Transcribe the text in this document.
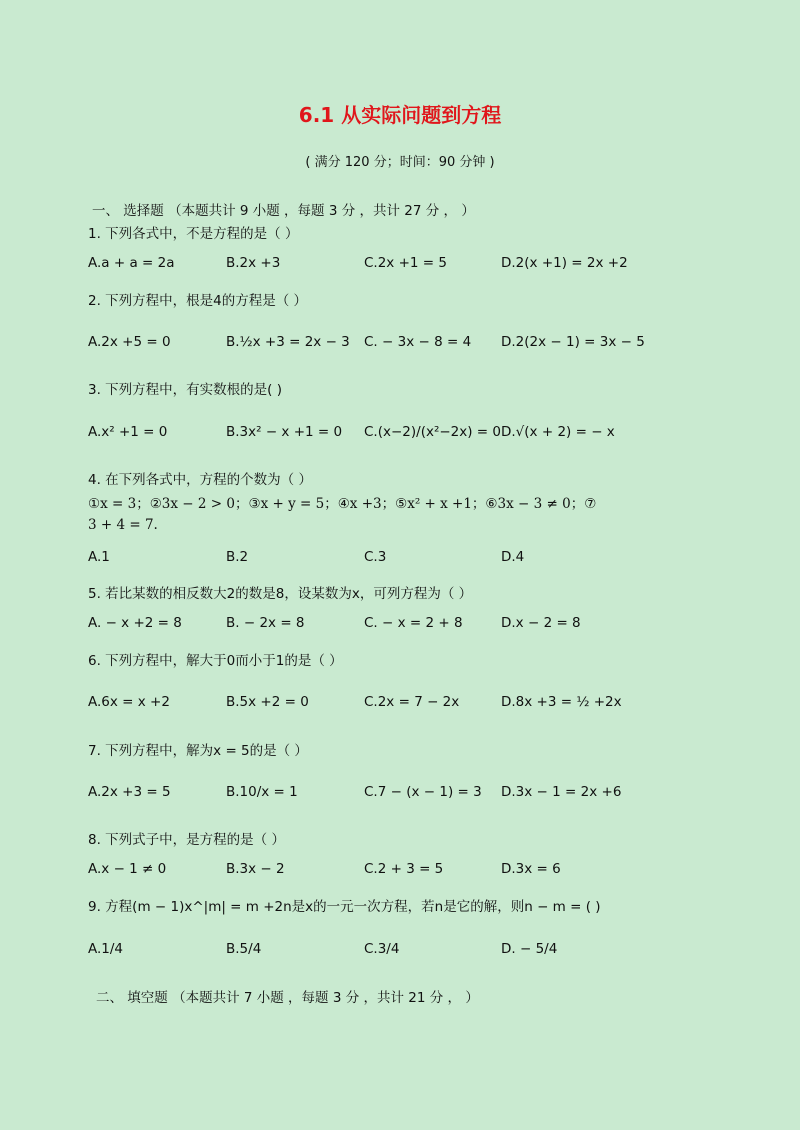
6.1 从实际问题到方程
( 满分 120 分；时间：90 分钟 )
一、 选择题 （本题共计 9 小题 ，每题 3 分 ，共计 27 分 ， ）
1. 下列各式中，不是方程的是（ ）
A.a + a = 2a	B.2x +3	C.2x +1 = 5	D.2(x +1) = 2x +2
2. 下列方程中，根是4的方程是（ ）
A.2x +5 = 0	B.½x +3 = 2x − 3 C. − 3x − 8 = 4 D.2(2x − 1) = 3x − 5
3. 下列方程中，有实数根的是( )
A.x² +1 = 0	B.3x² − x +1 = 0 C.(x−2)/(x²−2x) = 0 D.√(x + 2) = − x
4. 在下列各式中，方程的个数为（ ）
①x = 3；②3x − 2 > 0；③x + y = 5；④x +3；⑤x² + x +1；⑥3x − 3 ≠ 0；⑦
3 + 4 = 7.
A.1	B.2	C.3	D.4
5. 若比某数的相反数大2的数是8，设某数为x，可列方程为（ ）
A. − x +2 = 8	B. − 2x = 8	C. − x = 2 + 8	D.x − 2 = 8
6. 下列方程中，解大于0而小于1的是（ ）
A.6x = x +2	B.5x +2 = 0	C.2x = 7 − 2x	D.8x +3 = ½ +2x
7. 下列方程中，解为x = 5的是（ ）
A.2x +3 = 5	B.10/x = 1	C.7 − (x − 1) = 3 D.3x − 1 = 2x +6
8. 下列式子中，是方程的是（ ）
A.x − 1 ≠ 0	B.3x − 2	C.2 + 3 = 5	D.3x = 6
9. 方程(m − 1)x^|m| = m +2n是x的一元一次方程，若n是它的解，则n − m = ( )
A.1/4	B.5/4	C.3/4	D. − 5/4
二、 填空题 （本题共计 7 小题 ，每题 3 分 ，共计 21 分 ， ）
